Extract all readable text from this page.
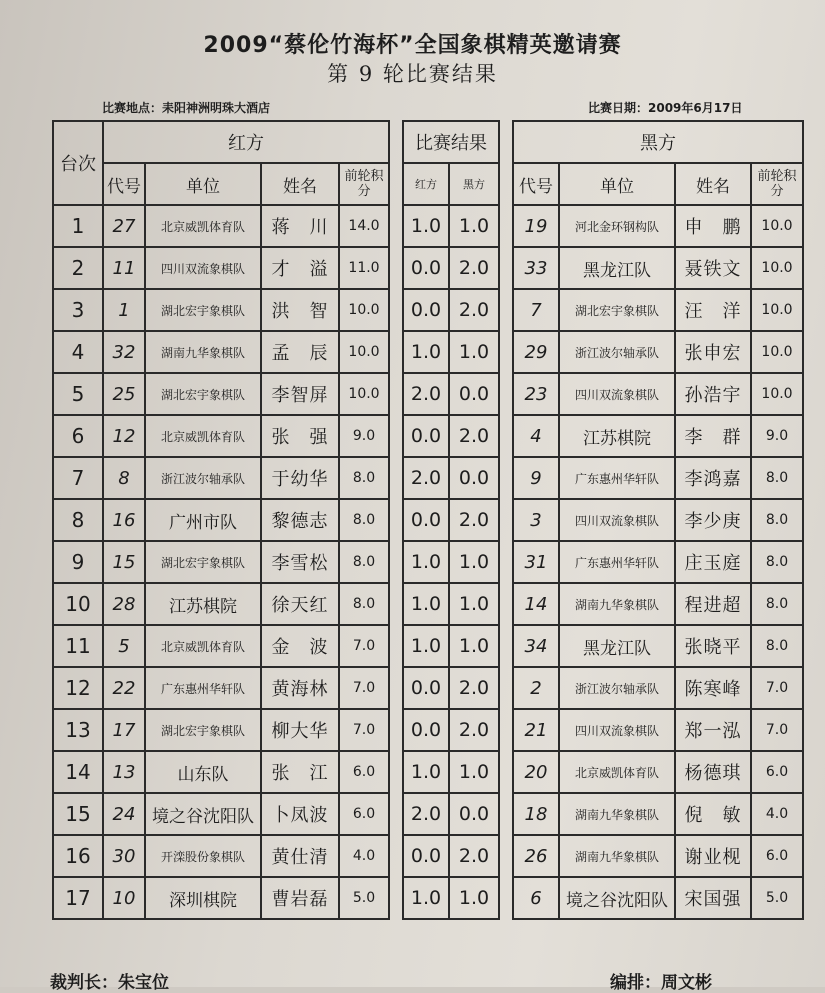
2009“蔡伦竹海杯”全国象棋精英邀请赛
第 9 轮比赛结果
比赛地点：耒阳神洲明珠大酒店	比赛日期：2009年6月17日
台次	红方					比赛结果			黑方			
	代号	单位	姓名	前轮积分		红方	黑方		代号	单位	姓名	前轮积分
1	27	北京威凯体育队	蒋　川	14.0		1.0	1.0		19	河北金环钢构队	申　鹏	10.0
2	11	四川双流象棋队	才　溢	11.0		0.0	2.0		33	黑龙江队	聂铁文	10.0
3	1	湖北宏宇象棋队	洪　智	10.0		0.0	2.0		7	湖北宏宇象棋队	汪　洋	10.0
4	32	湖南九华象棋队	孟　辰	10.0		1.0	1.0		29	浙江波尔轴承队	张申宏	10.0
5	25	湖北宏宇象棋队	李智屏	10.0		2.0	0.0		23	四川双流象棋队	孙浩宇	10.0
6	12	北京威凯体育队	张　强	9.0		0.0	2.0		4	江苏棋院	李　群	9.0
7	8	浙江波尔轴承队	于幼华	8.0		2.0	0.0		9	广东惠州华轩队	李鸿嘉	8.0
8	16	广州市队	黎德志	8.0		0.0	2.0		3	四川双流象棋队	李少庚	8.0
9	15	湖北宏宇象棋队	李雪松	8.0		1.0	1.0		31	广东惠州华轩队	庄玉庭	8.0
10	28	江苏棋院	徐天红	8.0		1.0	1.0		14	湖南九华象棋队	程进超	8.0
11	5	北京威凯体育队	金　波	7.0		1.0	1.0		34	黑龙江队	张晓平	8.0
12	22	广东惠州华轩队	黄海林	7.0		0.0	2.0		2	浙江波尔轴承队	陈寒峰	7.0
13	17	湖北宏宇象棋队	柳大华	7.0		0.0	2.0		21	四川双流象棋队	郑一泓	7.0
14	13	山东队	张　江	6.0		1.0	1.0		20	北京威凯体育队	杨德琪	6.0
15	24	境之谷沈阳队	卜凤波	6.0		2.0	0.0		18	湖南九华象棋队	倪　敏	4.0
16	30	开滦股份象棋队	黄仕清	4.0		0.0	2.0		26	湖南九华象棋队	谢业枧	6.0
17	10	深圳棋院	曹岩磊	5.0		1.0	1.0		6	境之谷沈阳队	宋国强	5.0
裁判长：朱宝位	编排：周文彬
